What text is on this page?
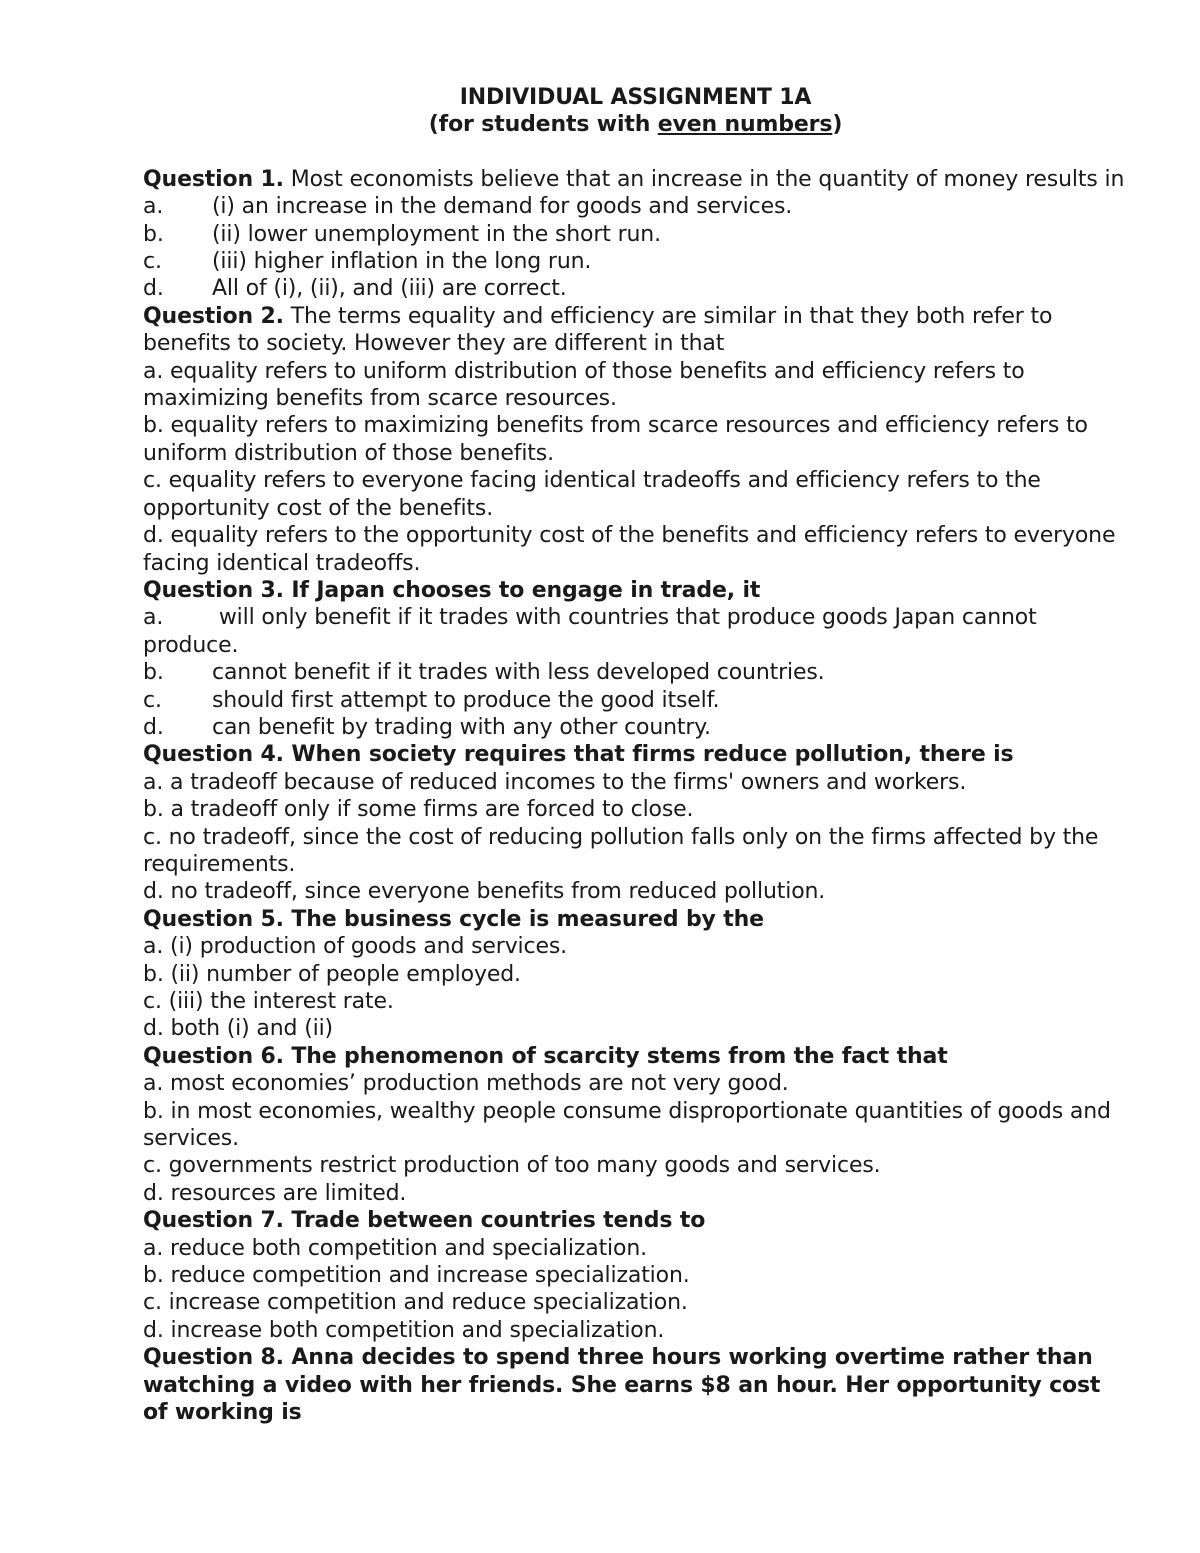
INDIVIDUAL ASSIGNMENT 1A

(for students with even numbers)

Question 1. Most economists believe that an increase in the quantity of money results in

a.	(i) an increase in the demand for goods and services.

b.	(ii) lower unemployment in the short run.

c.	(iii) higher inflation in the long run.

d.	All of (i), (ii), and (iii) are correct.

Question 2. The terms equality and efficiency are similar in that they both refer to benefits to society. However they are different in that

a. equality refers to uniform distribution of those benefits and efficiency refers to maximizing benefits from scarce resources.

b. equality refers to maximizing benefits from scarce resources and efficiency refers to uniform distribution of those benefits.

c. equality refers to everyone facing identical tradeoffs and efficiency refers to the opportunity cost of the benefits.

d. equality refers to the opportunity cost of the benefits and efficiency refers to everyone facing identical tradeoffs.

Question 3. If Japan chooses to engage in trade, it

a. will only benefit if it trades with countries that produce goods Japan cannot produce.

b.	cannot benefit if it trades with less developed countries.

c.	should first attempt to produce the good itself.

d.	can benefit by trading with any other country.

Question 4. When society requires that firms reduce pollution, there is

a. a tradeoff because of reduced incomes to the firms' owners and workers.

b. a tradeoff only if some firms are forced to close.

c. no tradeoff, since the cost of reducing pollution falls only on the firms affected by the requirements.

d. no tradeoff, since everyone benefits from reduced pollution.

Question 5. The business cycle is measured by the

a. (i) production of goods and services.

b. (ii) number of people employed.

c. (iii) the interest rate.

d. both (i) and (ii)

Question 6. The phenomenon of scarcity stems from the fact that

a. most economies’ production methods are not very good.

b. in most economies, wealthy people consume disproportionate quantities of goods and services.

c. governments restrict production of too many goods and services.

d. resources are limited.

Question 7. Trade between countries tends to

a. reduce both competition and specialization.

b. reduce competition and increase specialization.

c. increase competition and reduce specialization.

d. increase both competition and specialization.

Question 8. Anna decides to spend three hours working overtime rather than watching a video with her friends. She earns $8 an hour. Her opportunity cost of working is
